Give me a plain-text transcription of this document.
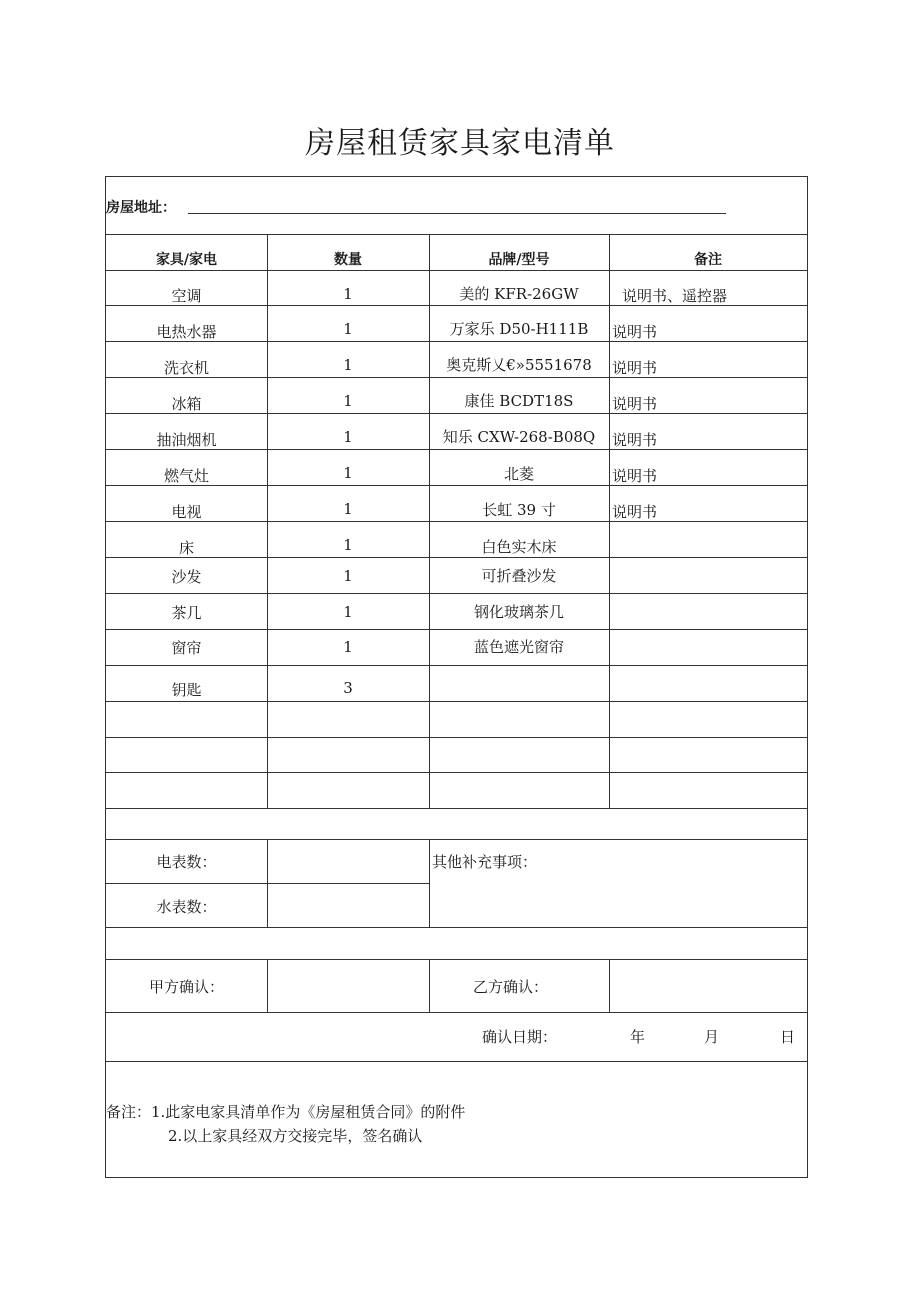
房屋租赁家具家电清单
房屋地址：
家具/家电	数量	品牌/型号	备注
空调	1	美的 KFR-26GW	说明书、遥控器
电热水器	1	万家乐 D50-H111B	说明书
洗衣机	1	奥克斯乂€»5551678	说明书
冰箱	1	康佳 BCDT18S	说明书
抽油烟机	1	知乐 CXW-268-B08Q	说明书
燃气灶	1	北菱	说明书
电视	1	长虹 39 寸	说明书
床	1	白色实木床
沙发	1	可折叠沙发
茶几	1	钢化玻璃茶几
窗帘	1	蓝色遮光窗帘
钥匙	3
电表数：
水表数：
其他补充事项：
甲方确认：	乙方确认：
确认日期：	年	月	日
备注：1.此家电家具清单作为《房屋租赁合同》的附件
2.以上家具经双方交接完毕，签名确认
